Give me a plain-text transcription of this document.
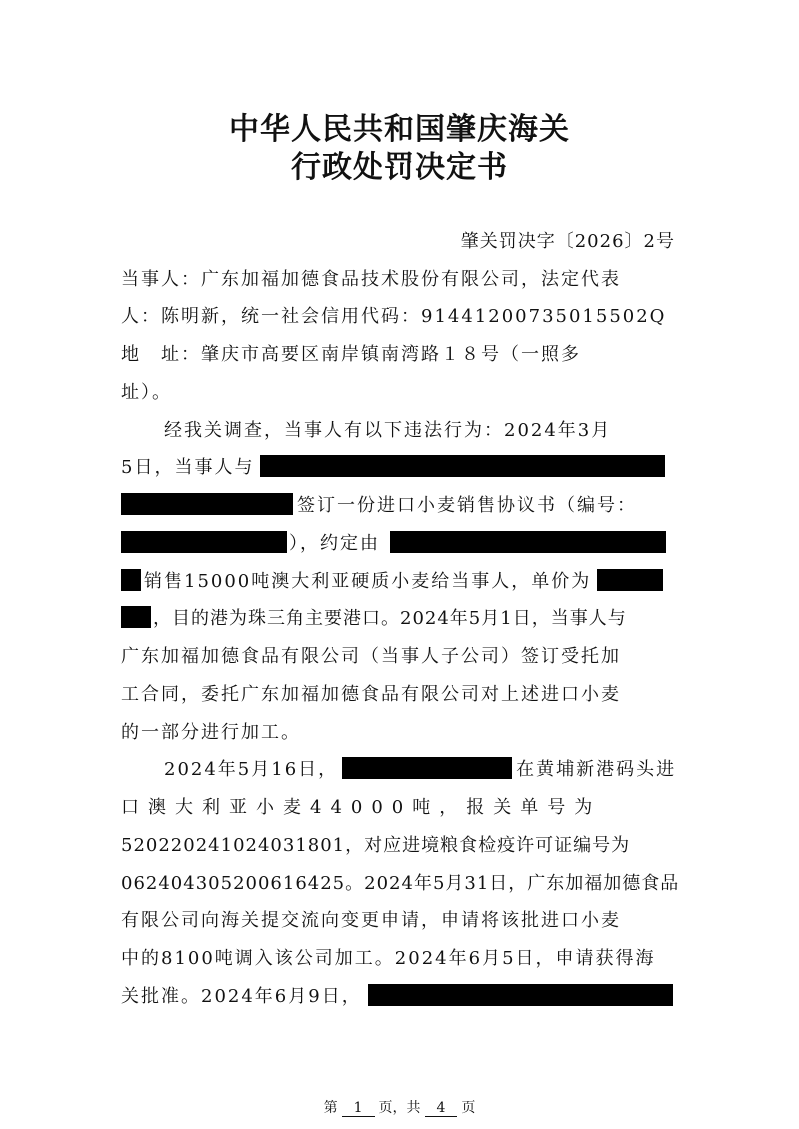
中华人民共和国肇庆海关
行政处罚决定书
肇关罚决字〔2026〕2号
当事人：广东加福加德食品技术股份有限公司，法定代表
人：陈明新，统一社会信用代码：91441200735015502Q
地　址：肇庆市高要区南岸镇南湾路１８号（一照多
址）。
经我关调查，当事人有以下违法行为：2024年3月
5日，当事人与
签订一份进口小麦销售协议书（编号：
），约定由
销售15000吨澳大利亚硬质小麦给当事人，单价为
，目的港为珠三角主要港口。2024年5月1日，当事人与
广东加福加德食品有限公司（当事人子公司）签订受托加
工合同，委托广东加福加德食品有限公司对上述进口小麦
的一部分进行加工。
2024年5月16日，	在黄埔新港码头进
口澳大利亚小麦44000吨，报关单号为
520220241024031801，对应进境粮食检疫许可证编号为
062404305200616425。2024年5月31日，广东加福加德食品
有限公司向海关提交流向变更申请，申请将该批进口小麦
中的8100吨调入该公司加工。2024年6月5日，申请获得海
关批准。2024年6月9日，
第 1 页，共 4 页
